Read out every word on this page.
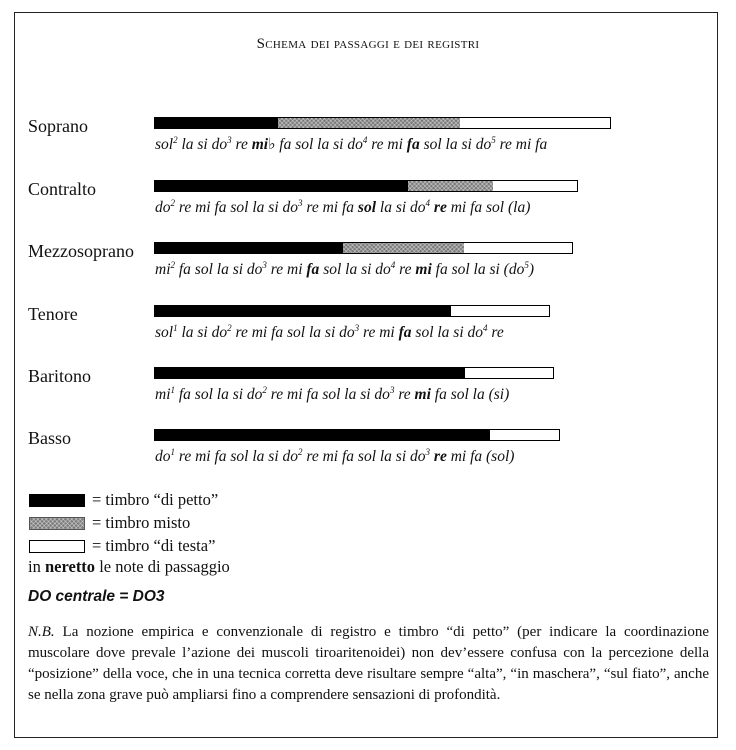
Schema dei passaggi e dei registri
Soprano
sol$^2$ la si $do^3$ re mi♭ fa sol la si $do^4$ re mi fa sol la si $do^5$ re mi fa
Contralto
$do^2$ re mi fa sol la si $do^3$ re mi fa sol la si $do^4$ re mi fa sol (la)
Mezzosoprano
$mi^2$ fa sol la si $do^3$ re mi fa sol la si $do^4$ re mi fa sol la si $(do^5)$
Tenore
sol$^1$ la si $do^2$ re mi fa sol la si $do^3$ re mi fa sol la si $do^4$ re
Baritono
$mi^1$ fa sol la si $do^2$ re mi fa sol la si $do^3$ re mi fa sol la (si)
Basso
$do^1$ re mi fa sol la si $do^2$ re mi fa sol la si $do^3$ re mi fa (sol)
= timbro “di petto”
= timbro misto
= timbro “di testa”
in neretto le note di passaggio
DO centrale = DO3
N.B. La nozione empirica e convenzionale di registro e timbro “di petto” (per indicare la coordinazione muscolare dove prevale l’azione dei muscoli tiroaritenoidei) non dev’essere confusa con la percezione della “posizione” della voce, che in una tecnica corretta deve risultare sempre “alta”, “in maschera”, “sul fiato”, anche se nella zona grave può ampliarsi fino a comprendere sensazioni di profondità.
